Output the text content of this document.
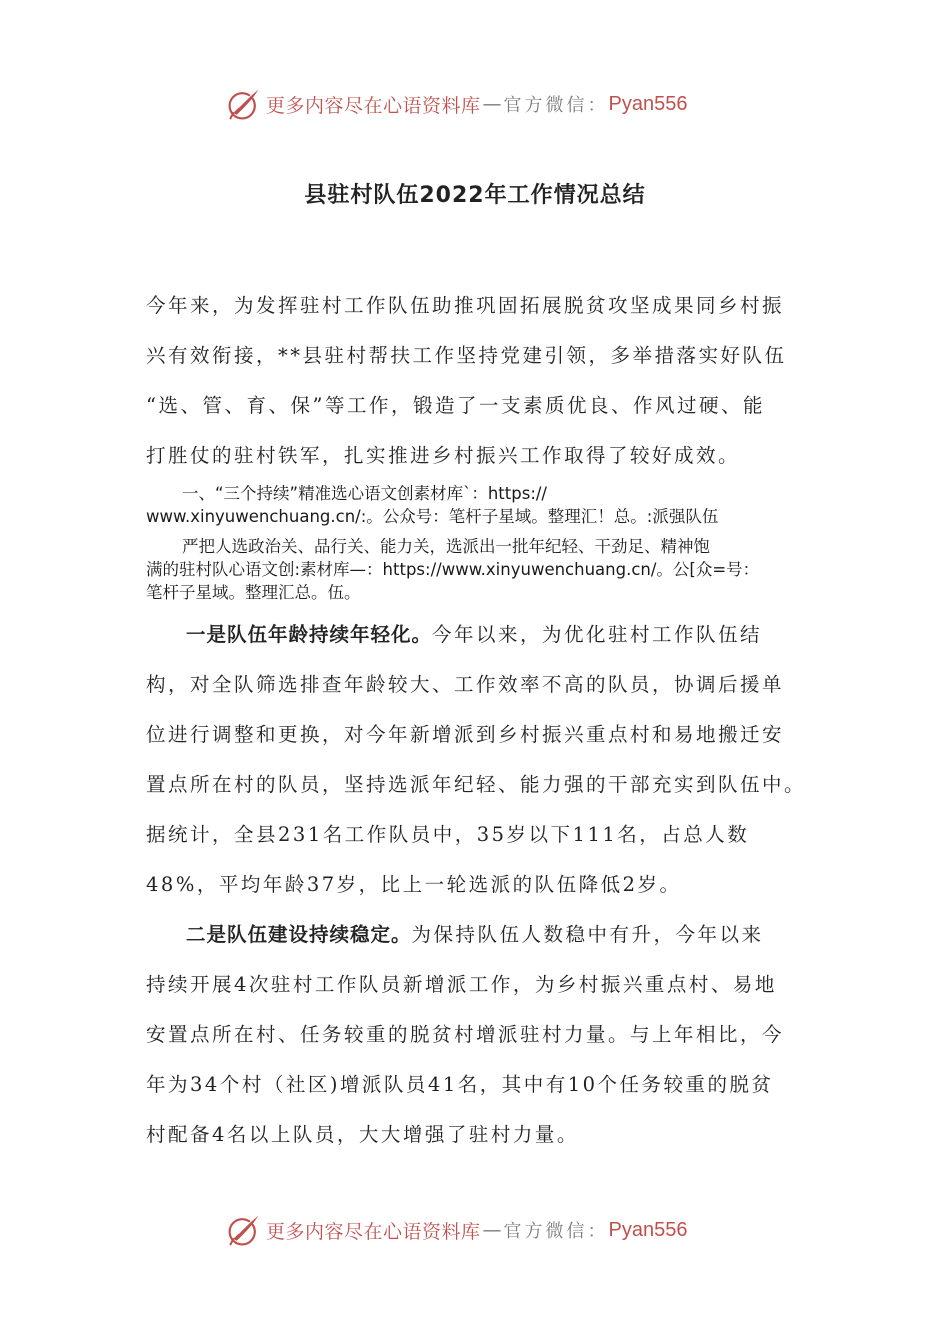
更多内容尽在心语资料库 — 官方微信： Pyan556
县驻村队伍2022年工作情况总结
今年来，为发挥驻村工作队伍助推巩固拓展脱贫攻坚成果同乡村振
兴有效衔接，**县驻村帮扶工作坚持党建引领，多举措落实好队伍
“选、管、育、保”等工作，锻造了一支素质优良、作风过硬、能
打胜仗的驻村铁军，扎实推进乡村振兴工作取得了较好成效。
一、“三个持续”精准选心语文创素材库`：https://
www.xinyuwenchuang.cn/:。公众号：笔杆子星域。整理汇！总。:派强队伍
严把人选政治关、品行关、能力关，选派出一批年纪轻、干劲足、精神饱
满的驻村队心语文创:素材库—：https://www.xinyuwenchuang.cn/。公[众=号：
笔杆子星域。整理汇总。伍。
一是队伍年龄持续年轻化。今年以来，为优化驻村工作队伍结
构，对全队筛选排查年龄较大、工作效率不高的队员，协调后援单
位进行调整和更换，对今年新增派到乡村振兴重点村和易地搬迁安
置点所在村的队员，坚持选派年纪轻、能力强的干部充实到队伍中。
据统计，全县231名工作队员中，35岁以下111名，占总人数
48%，平均年龄37岁，比上一轮选派的队伍降低2岁。
二是队伍建设持续稳定。为保持队伍人数稳中有升，今年以来
持续开展4次驻村工作队员新增派工作，为乡村振兴重点村、易地
安置点所在村、任务较重的脱贫村增派驻村力量。与上年相比，今
年为34个村（社区)增派队员41名，其中有10个任务较重的脱贫
村配备4名以上队员，大大增强了驻村力量。
更多内容尽在心语资料库 — 官方微信： Pyan556
